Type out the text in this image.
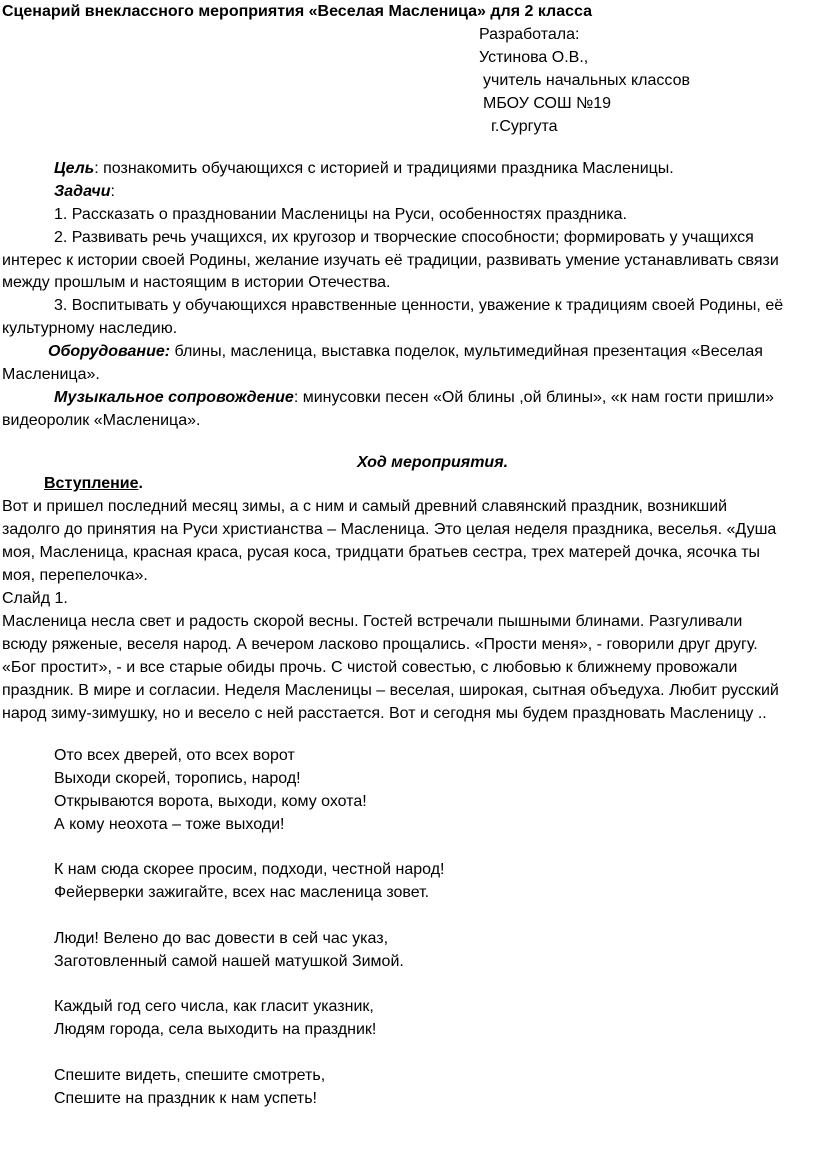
Сценарий внеклассного мероприятия «Веселая Масленица» для 2 класса
Разработала:
Устинова О.В.,
учитель начальных классов
МБОУ СОШ №19
г.Сургута
Цель: познакомить обучающихся с историей и традициями праздника Масленицы.
Задачи:
1. Рассказать о праздновании Масленицы на Руси, особенностях праздника.
2. Развивать речь учащихся, их кругозор и творческие способности; формировать у учащихся
интерес к истории своей Родины, желание изучать её традиции, развивать умение устанавливать связи
между прошлым и настоящим в истории Отечества.
3. Воспитывать у обучающихся нравственные ценности, уважение к традициям своей Родины, её
культурному наследию.
Оборудование: блины, масленица, выставка поделок, мультимедийная презентация «Веселая
Масленица».
Музыкальное сопровождение: минусовки песен «Ой блины ,ой блины», «к нам гости пришли»
видеоролик «Масленица».
Ход мероприятия.
Вступление.
Вот и пришел последний месяц зимы, а с ним и самый древний славянский праздник, возникший
задолго до принятия на Руси христианства – Масленица. Это целая неделя праздника, веселья. «Душа
моя, Масленица, красная краса, русая коса, тридцати братьев сестра, трех матерей дочка, ясочка ты
моя, перепелочка».
Слайд 1.
Масленица несла свет и радость скорой весны. Гостей встречали пышными блинами. Разгуливали
всюду ряженые, веселя народ. А вечером ласково прощались. «Прости меня», - говорили друг другу.
«Бог простит», - и все старые обиды прочь. С чистой совестью, с любовью к ближнему провожали
праздник. В мире и согласии. Неделя Масленицы – веселая, широкая, сытная объедуха. Любит русский
народ зиму-зимушку, но и весело с ней расстается. Вот и сегодня мы будем праздновать Масленицу ..
Ото всех дверей, ото всех ворот
Выходи скорей, торопись, народ!
Открываются ворота, выходи, кому охота!
А кому неохота – тоже выходи!
К нам сюда скорее просим, подходи, честной народ!
Фейерверки зажигайте, всех нас масленица зовет.
Люди! Велено до вас довести в сей час указ,
Заготовленный самой нашей матушкой Зимой.
Каждый год сего числа, как гласит указник,
Людям города, села выходить на праздник!
Спешите видеть, спешите смотреть,
Спешите на праздник к нам успеть!
